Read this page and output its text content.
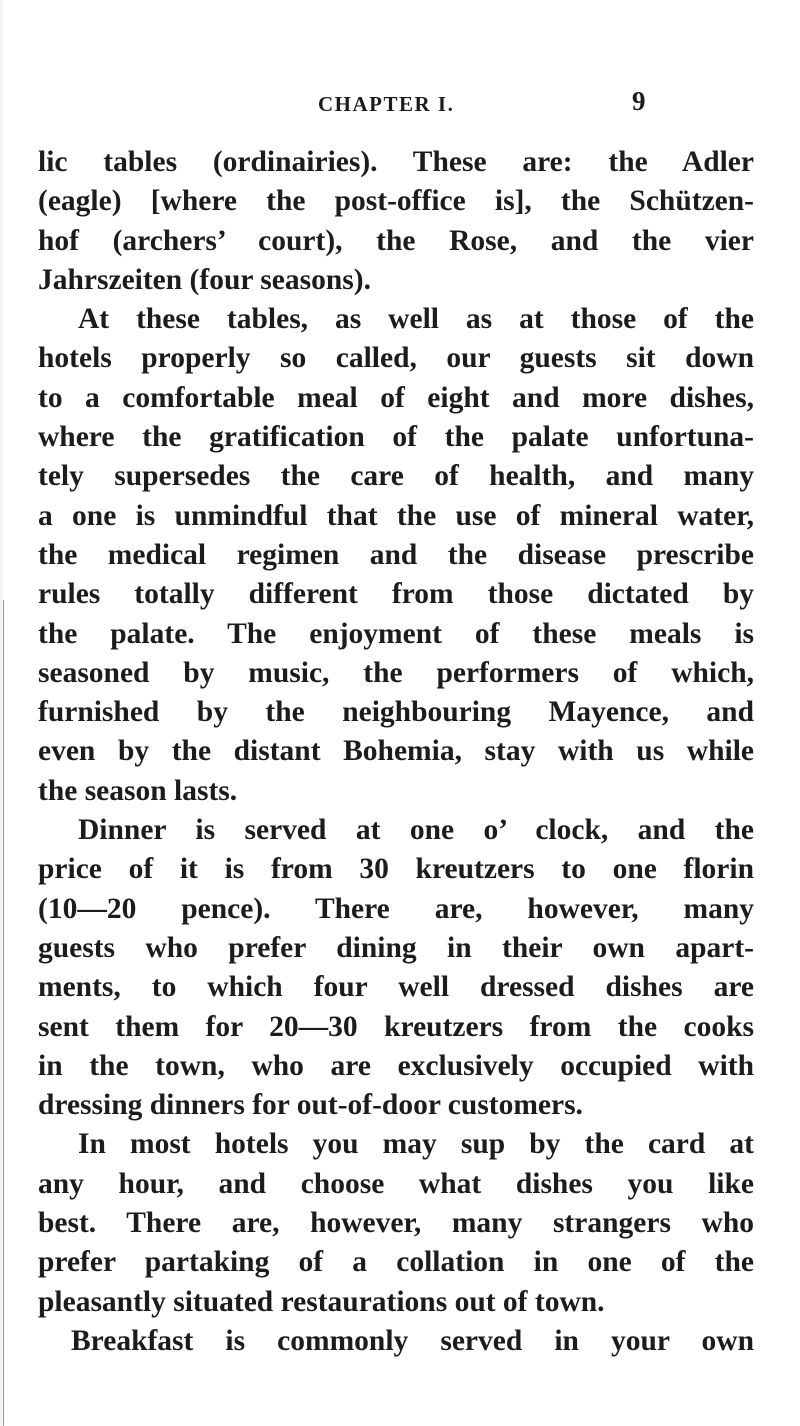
CHAPTER I.	9
lic tables (ordinairies). These are: the Adler
(eagle) [where the post-office is], the Schützen-
hof (archers’ court), the Rose, and the vier
Jahrszeiten (four seasons).
At these tables, as well as at those of the
hotels properly so called, our guests sit down
to a comfortable meal of eight and more dishes,
where the gratification of the palate unfortuna-
tely supersedes the care of health, and many
a one is unmindful that the use of mineral water,
the medical regimen and the disease prescribe
rules totally different from those dictated by
the palate. The enjoyment of these meals is
seasoned by music, the performers of which,
furnished by the neighbouring Mayence, and
even by the distant Bohemia, stay with us while
the season lasts.
Dinner is served at one o’ clock, and the
price of it is from 30 kreutzers to one florin
(10—20 pence). There are, however, many
guests who prefer dining in their own apart-
ments, to which four well dressed dishes are
sent them for 20—30 kreutzers from the cooks
in the town, who are exclusively occupied with
dressing dinners for out-of-door customers.
In most hotels you may sup by the card at
any hour, and choose what dishes you like
best. There are, however, many strangers who
prefer partaking of a collation in one of the
pleasantly situated restaurations out of town.
Breakfast is commonly served in your own
